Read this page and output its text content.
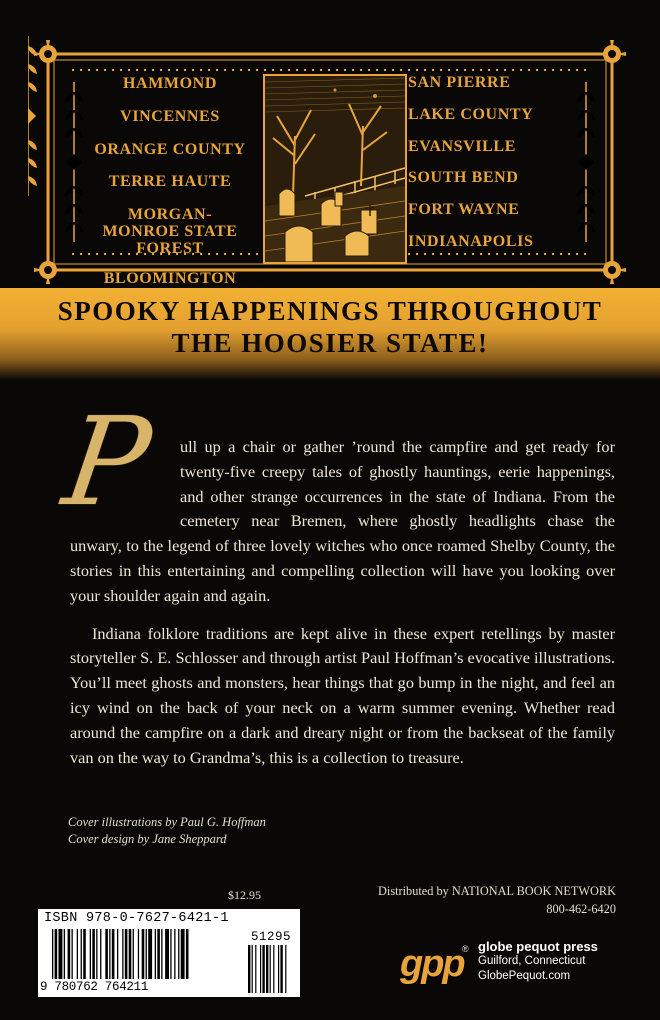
HAMMOND
VINCENNES
ORANGE COUNTY
TERRE HAUTE
MORGAN-MONROE STATE FOREST
BLOOMINGTON
SAN PIERRE
LAKE COUNTY
EVANSVILLE
SOUTH BEND
FORT WAYNE
INDIANAPOLIS
SPOOKY HAPPENINGS THROUGHOUT
THE HOOSIER STATE!

P ull up a chair or gather ’round the campfire and get ready for twenty-five creepy tales of ghostly hauntings, eerie happenings, and other strange occurrences in the state of Indiana. From the cemetery near Bremen, where ghostly headlights chase the unwary, to the legend of three lovely witches who once roamed Shelby County, the stories in this entertaining and compelling collection will have you looking over your shoulder again and again.

Indiana folklore traditions are kept alive in these expert retellings by master storyteller S. E. Schlosser and through artist Paul Hoffman’s evocative illustrations. You’ll meet ghosts and monsters, hear things that go bump in the night, and feel an icy wind on the back of your neck on a warm summer evening. Whether read around the campfire on a dark and dreary night or from the backseat of the family van on the way to Grandma’s, this is a collection to treasure.

Cover illustrations by Paul G. Hoffman
Cover design by Jane Sheppard
$12.95	Distributed by NATIONAL BOOK NETWORK
800-462-6420
ISBN 978-0-7627-6421-1
9 780762 764211
51295
gpp
® globe pequot press
Guilford, Connecticut
GlobePequot.com
